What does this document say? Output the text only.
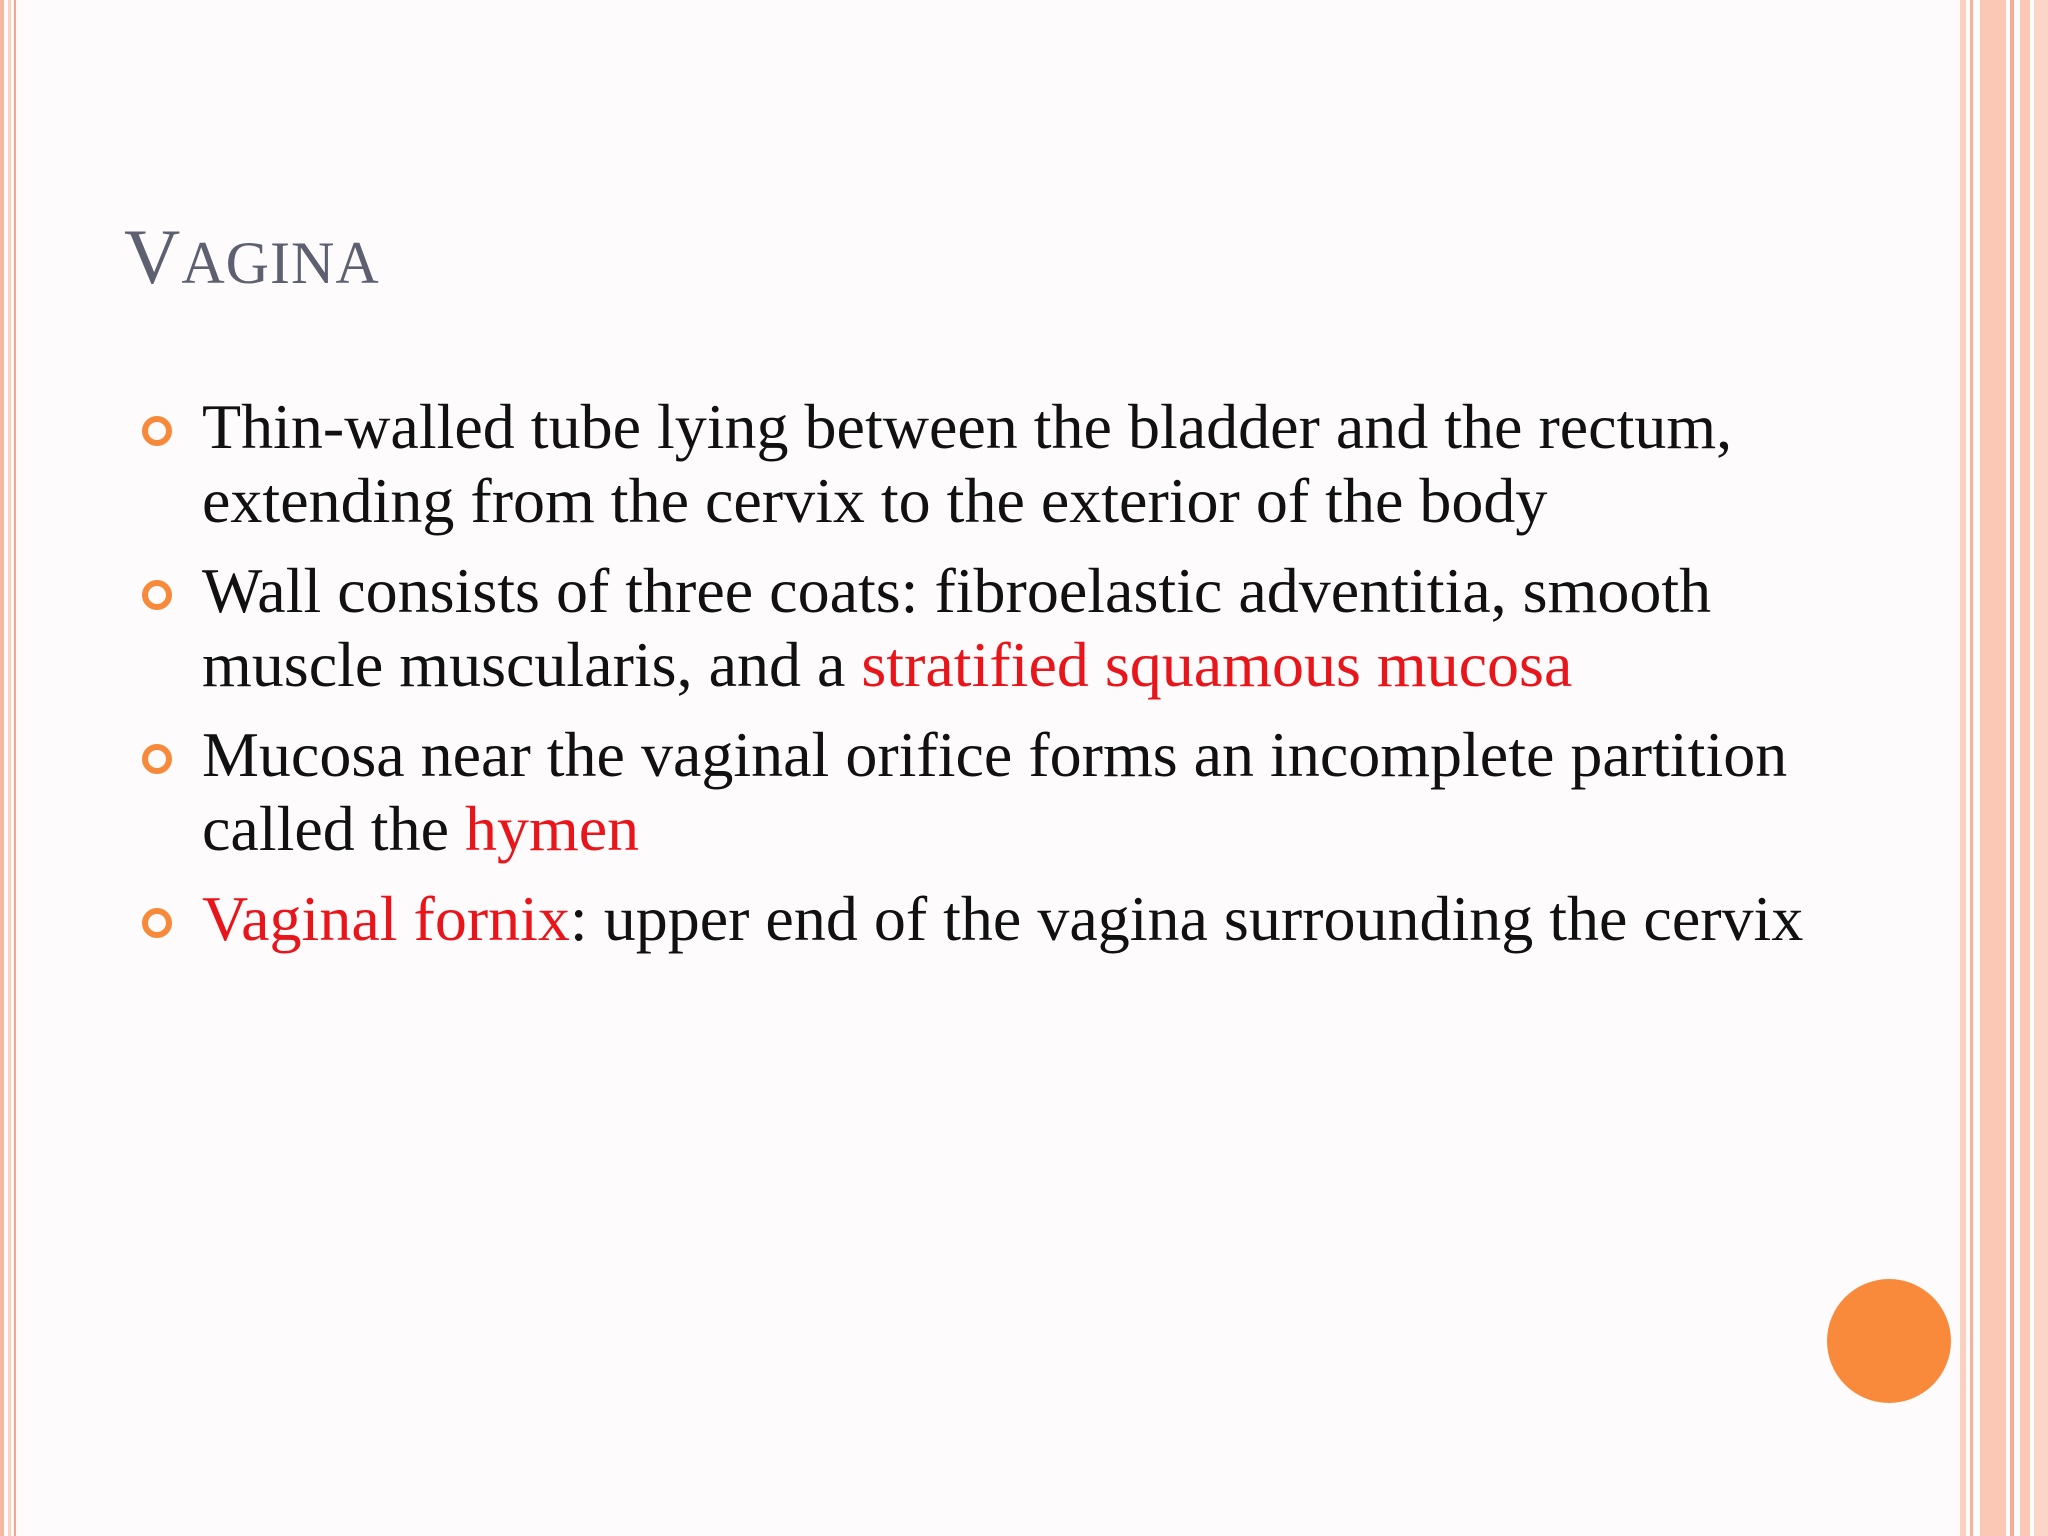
VAGINA
Thin-walled tube lying between the bladder and the rectum, extending from the cervix to the exterior of the body
Wall consists of three coats: fibroelastic adventitia, smooth muscle muscularis, and a stratified squamous mucosa
Mucosa near the vaginal orifice forms an incomplete partition called the hymen
Vaginal fornix: upper end of the vagina surrounding the cervix
